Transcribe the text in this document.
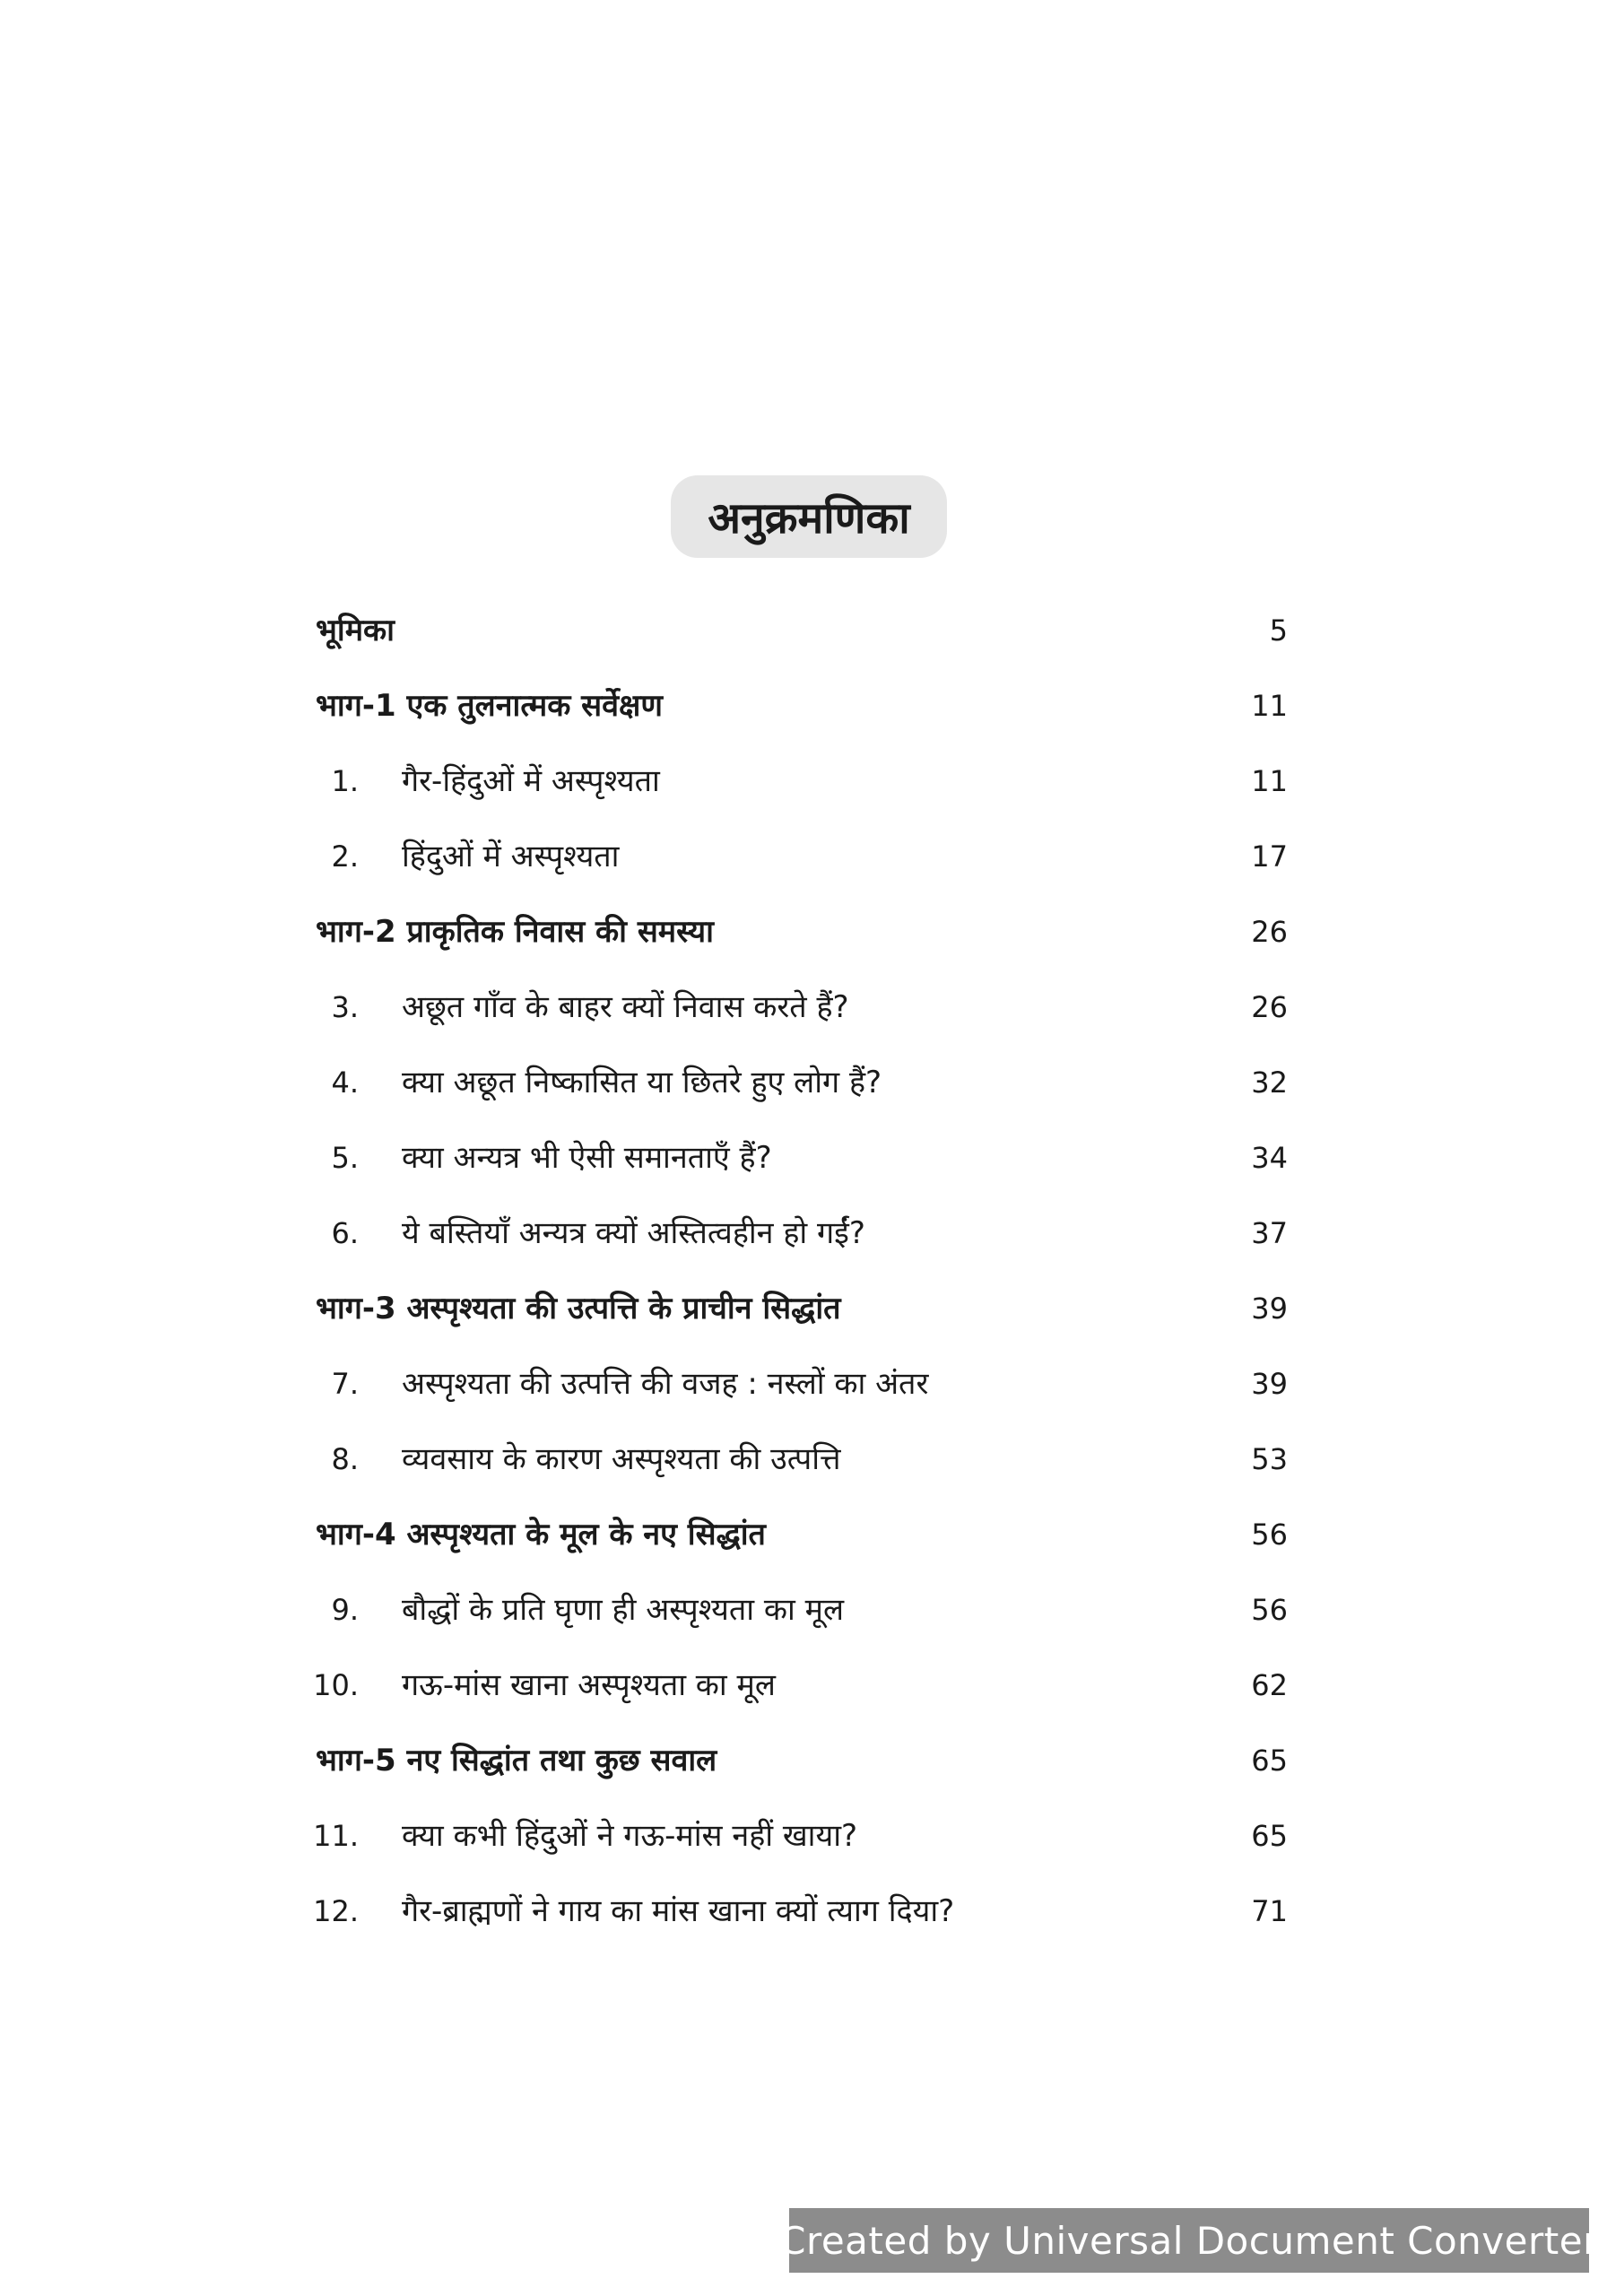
अनुक्रमणिका
भूमिका	5
भाग-1 एक तुलनात्मक सर्वेक्षण	11
1. गैर-हिंदुओं में अस्पृश्यता	11
2. हिंदुओं में अस्पृश्यता	17
भाग-2 प्राकृतिक निवास की समस्या	26
3. अछूत गाँव के बाहर क्यों निवास करते हैं?	26
4. क्या अछूत निष्कासित या छितरे हुए लोग हैं?	32
5. क्या अन्यत्र भी ऐसी समानताएँ हैं?	34
6. ये बस्तियाँ अन्यत्र क्यों अस्तित्वहीन हो गईं?	37
भाग-3 अस्पृश्यता की उत्पत्ति के प्राचीन सिद्धांत	39
7. अस्पृश्यता की उत्पत्ति की वजह : नस्लों का अंतर	39
8. व्यवसाय के कारण अस्पृश्यता की उत्पत्ति	53
भाग-4 अस्पृश्यता के मूल के नए सिद्धांत	56
9. बौद्धों के प्रति घृणा ही अस्पृश्यता का मूल	56
10. गऊ-मांस खाना अस्पृश्यता का मूल	62
भाग-5 नए सिद्धांत तथा कुछ सवाल	65
11. क्या कभी हिंदुओं ने गऊ-मांस नहीं खाया?	65
12. गैर-ब्राह्मणों ने गाय का मांस खाना क्यों त्याग दिया?	71
Created by Universal Document Converter
